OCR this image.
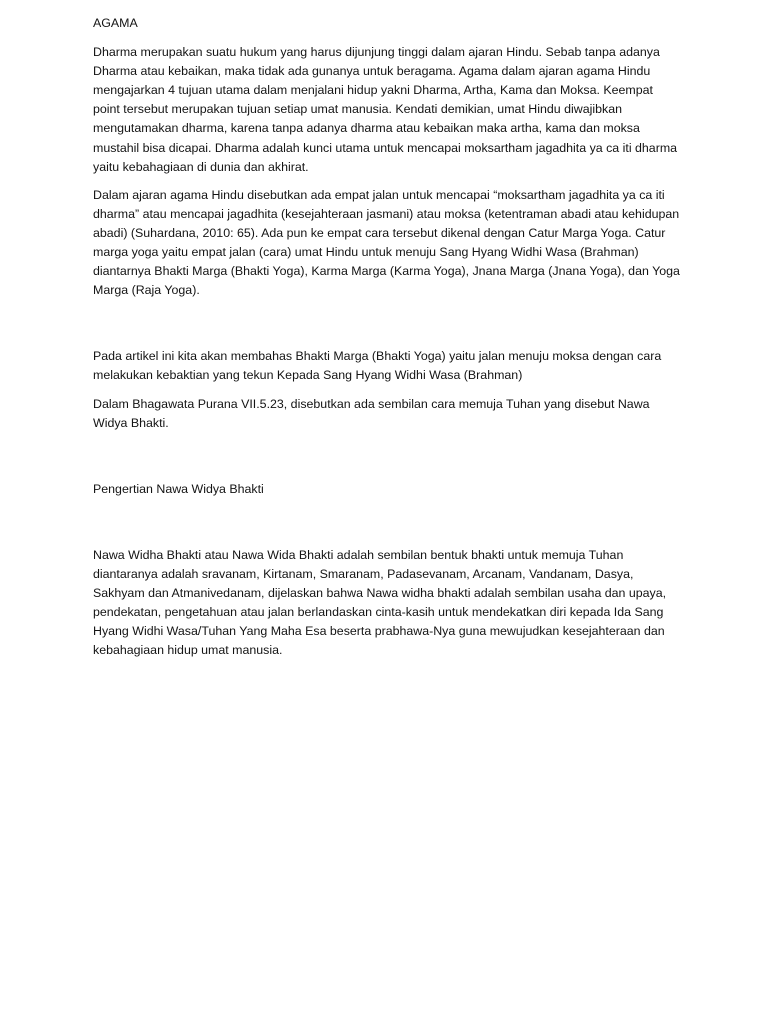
AGAMA

Dharma merupakan suatu hukum yang harus dijunjung tinggi dalam ajaran Hindu. Sebab tanpa adanya Dharma atau kebaikan, maka tidak ada gunanya untuk beragama. Agama dalam ajaran agama Hindu mengajarkan 4 tujuan utama dalam menjalani hidup yakni Dharma, Artha, Kama dan Moksa. Keempat point tersebut merupakan tujuan setiap umat manusia. Kendati demikian, umat Hindu diwajibkan mengutamakan dharma, karena tanpa adanya dharma atau kebaikan maka artha, kama dan moksa mustahil bisa dicapai. Dharma adalah kunci utama untuk mencapai moksartham jagadhita ya ca iti dharma yaitu kebahagiaan di dunia dan akhirat.

Dalam ajaran agama Hindu disebutkan ada empat jalan untuk mencapai “moksartham jagadhita ya ca iti dharma” atau mencapai jagadhita (kesejahteraan jasmani) atau moksa (ketentraman abadi atau kehidupan abadi) (Suhardana, 2010: 65). Ada pun ke empat cara tersebut dikenal dengan Catur Marga Yoga. Catur marga yoga yaitu empat jalan (cara) umat Hindu untuk menuju Sang Hyang Widhi Wasa (Brahman) diantarnya Bhakti Marga (Bhakti Yoga), Karma Marga (Karma Yoga), Jnana Marga (Jnana Yoga), dan Yoga Marga (Raja Yoga).

Pada artikel ini kita akan membahas Bhakti Marga (Bhakti Yoga) yaitu jalan menuju moksa dengan cara melakukan kebaktian yang tekun Kepada Sang Hyang Widhi Wasa (Brahman)

Dalam Bhagawata Purana VII.5.23, disebutkan ada sembilan cara memuja Tuhan yang disebut Nawa Widya Bhakti.

Pengertian Nawa Widya Bhakti

Nawa Widha Bhakti atau Nawa Wida Bhakti adalah sembilan bentuk bhakti untuk memuja Tuhan diantaranya adalah sravanam, Kirtanam, Smaranam, Padasevanam, Arcanam, Vandanam, Dasya, Sakhyam dan Atmanivedanam, dijelaskan bahwa Nawa widha bhakti adalah sembilan usaha dan upaya, pendekatan, pengetahuan atau jalan berlandaskan cinta-kasih untuk mendekatkan diri kepada Ida Sang Hyang Widhi Wasa/Tuhan Yang Maha Esa beserta prabhawa-Nya guna mewujudkan kesejahteraan dan kebahagiaan hidup umat manusia.
